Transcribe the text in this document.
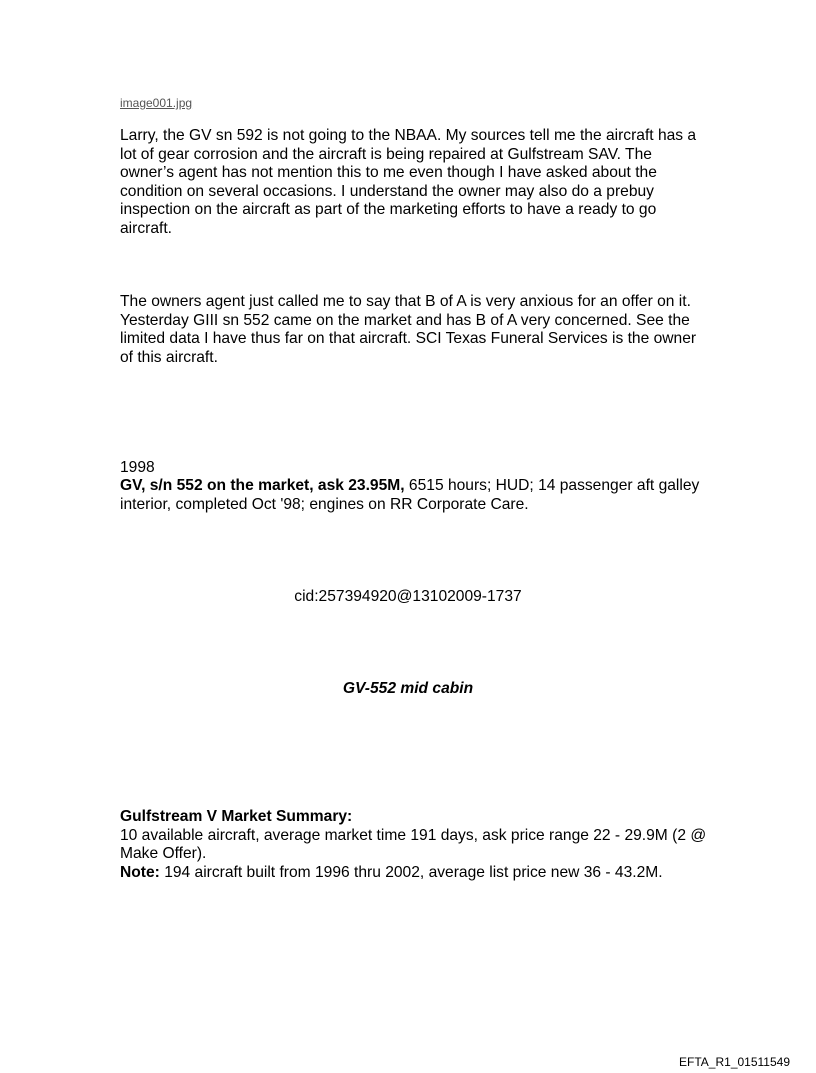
image001.jpg

Larry, the GV sn 592 is not going to the NBAA. My sources tell me the aircraft has a lot of gear corrosion and the aircraft is being repaired at Gulfstream SAV. The owner’s agent has not mention this to me even though I have asked about the condition on several occasions. I understand the owner may also do a prebuy inspection on the aircraft as part of the marketing efforts to have a ready to go aircraft.

The owners agent just called me to say that B of A is very anxious for an offer on it. Yesterday GIII sn 552 came on the market and has B of A very concerned. See the limited data I have thus far on that aircraft. SCI Texas Funeral Services is the owner of this aircraft.

1998

GV, s/n 552 on the market, ask 23.95M, 6515 hours; HUD; 14 passenger aft galley interior, completed Oct '98; engines on RR Corporate Care.

cid:257394920@13102009-1737

GV-552 mid cabin

Gulfstream V Market Summary:
10 available aircraft, average market time 191 days, ask price range 22 - 29.9M (2 @ Make Offer).
Note: 194 aircraft built from 1996 thru 2002, average list price new 36 - 43.2M.
EFTA_R1_01511549
